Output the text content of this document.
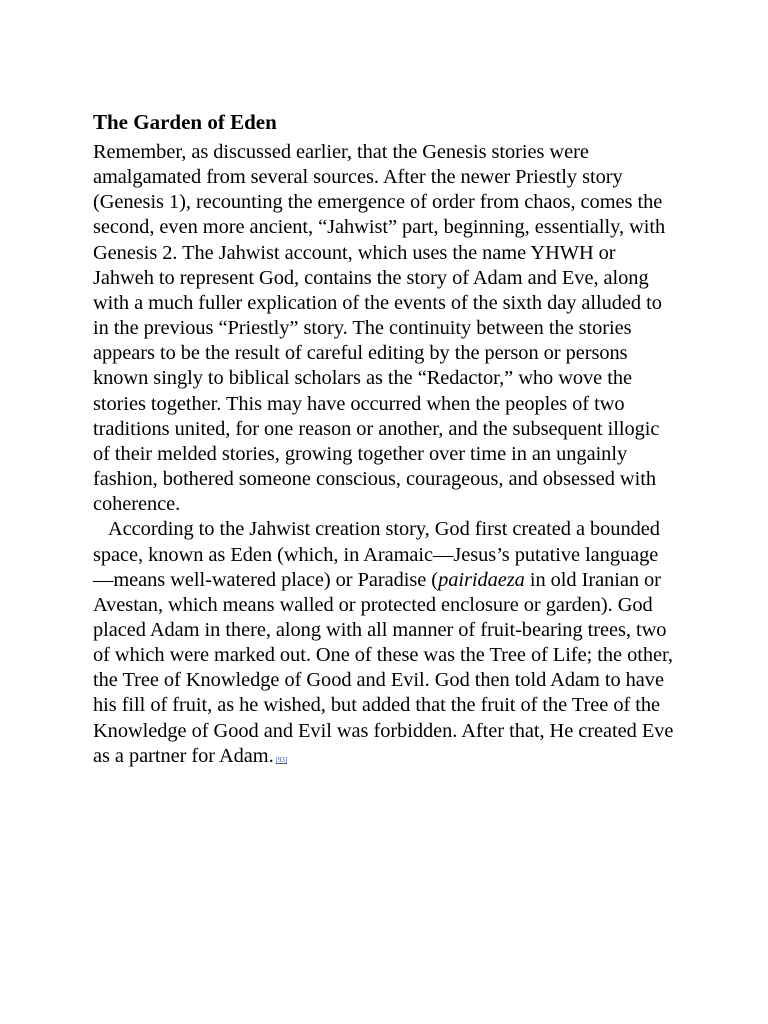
The Garden of Eden

Remember, as discussed earlier, that the Genesis stories were amalgamated from several sources. After the newer Priestly story (Genesis 1), recounting the emergence of order from chaos, comes the second, even more ancient, “Jahwist” part, beginning, essentially, with Genesis 2. The Jahwist account, which uses the name YHWH or Jahweh to represent God, contains the story of Adam and Eve, along with a much fuller explication of the events of the sixth day alluded to in the previous “Priestly” story. The continuity between the stories appears to be the result of careful editing by the person or persons known singly to biblical scholars as the “Redactor,” who wove the stories together. This may have occurred when the peoples of two traditions united, for one reason or another, and the subsequent illogic of their melded stories, growing together over time in an ungainly fashion, bothered someone conscious, courageous, and obsessed with coherence.

According to the Jahwist creation story, God first created a bounded space, known as Eden (which, in Aramaic—Jesus’s putative language—means well-watered place) or Paradise (pairidaeza in old Iranian or Avestan, which means walled or protected enclosure or garden). God placed Adam in there, along with all manner of fruit-bearing trees, two of which were marked out. One of these was the Tree of Life; the other, the Tree of Knowledge of Good and Evil. God then told Adam to have his fill of fruit, as he wished, but added that the fruit of the Tree of the Knowledge of Good and Evil was forbidden. After that, He created Eve as a partner for Adam. [93]
